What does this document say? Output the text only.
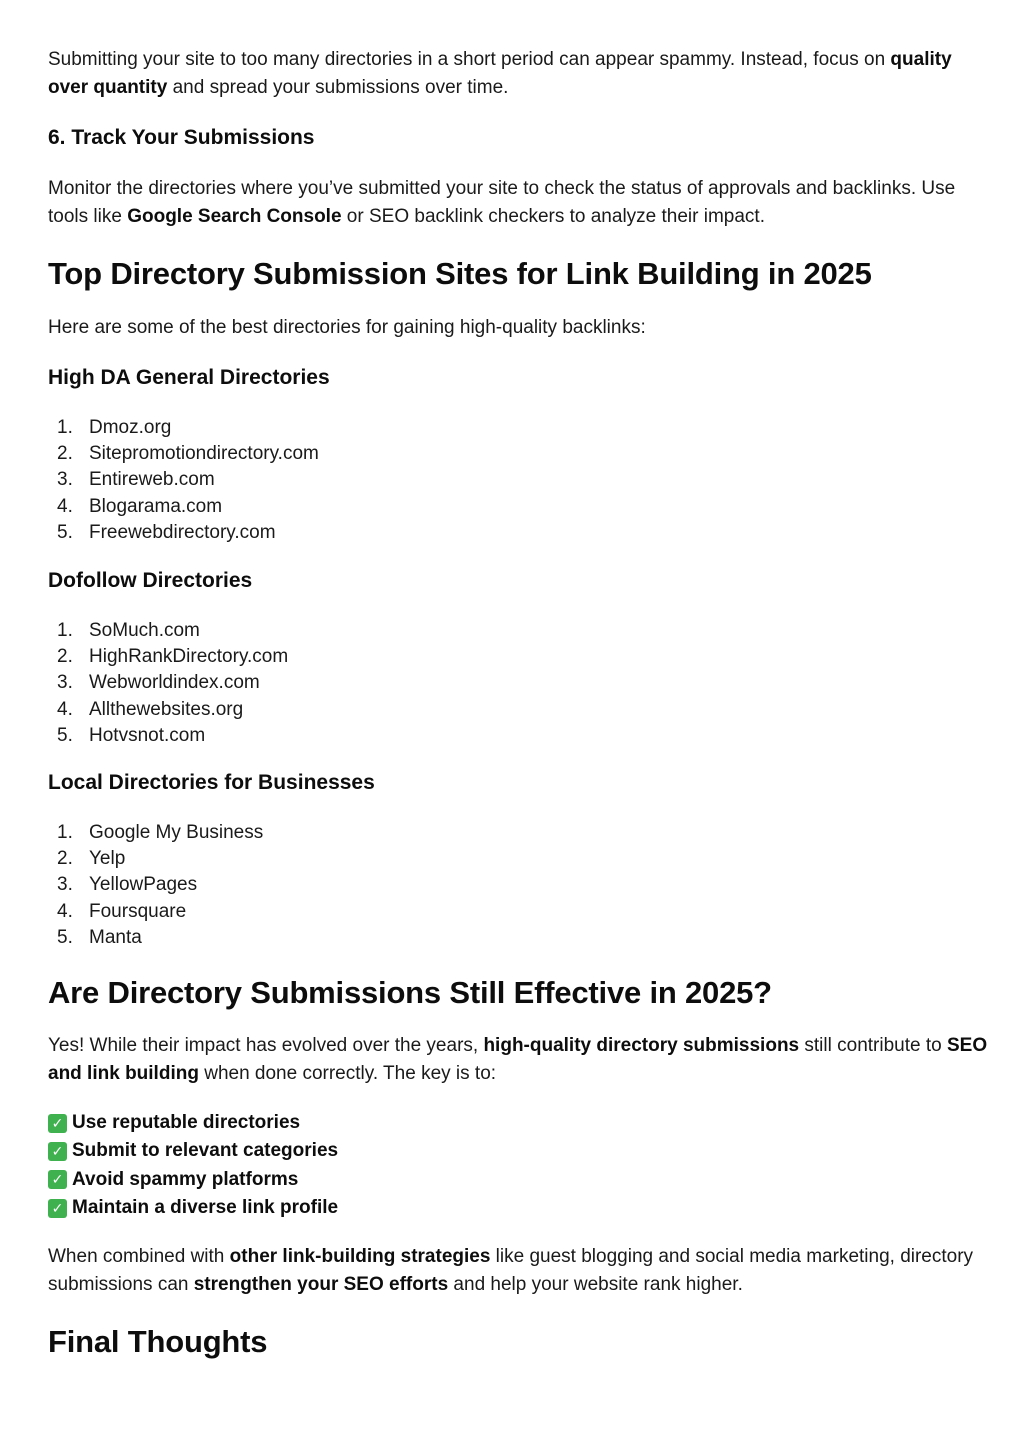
Submitting your site to too many directories in a short period can appear spammy. Instead, focus on quality over quantity and spread your submissions over time.

6. Track Your Submissions

Monitor the directories where you’ve submitted your site to check the status of approvals and backlinks. Use tools like Google Search Console or SEO backlink checkers to analyze their impact.

Top Directory Submission Sites for Link Building in 2025

Here are some of the best directories for gaining high-quality backlinks:

High DA General Directories
1. Dmoz.org
2. Sitepromotiondirectory.com
3. Entireweb.com
4. Blogarama.com
5. Freewebdirectory.com
Dofollow Directories
1. SoMuch.com
2. HighRankDirectory.com
3. Webworldindex.com
4. Allthewebsites.org
5. Hotvsnot.com
Local Directories for Businesses
1. Google My Business
2. Yelp
3. YellowPages
4. Foursquare
5. Manta
Are Directory Submissions Still Effective in 2025?

Yes! While their impact has evolved over the years, high-quality directory submissions still contribute to SEO and link building when done correctly. The key is to:

✓ Use reputable directories
✓ Submit to relevant categories
✓ Avoid spammy platforms
✓ Maintain a diverse link profile

When combined with other link-building strategies like guest blogging and social media marketing, directory submissions can strengthen your SEO efforts and help your website rank higher.

Final Thoughts
